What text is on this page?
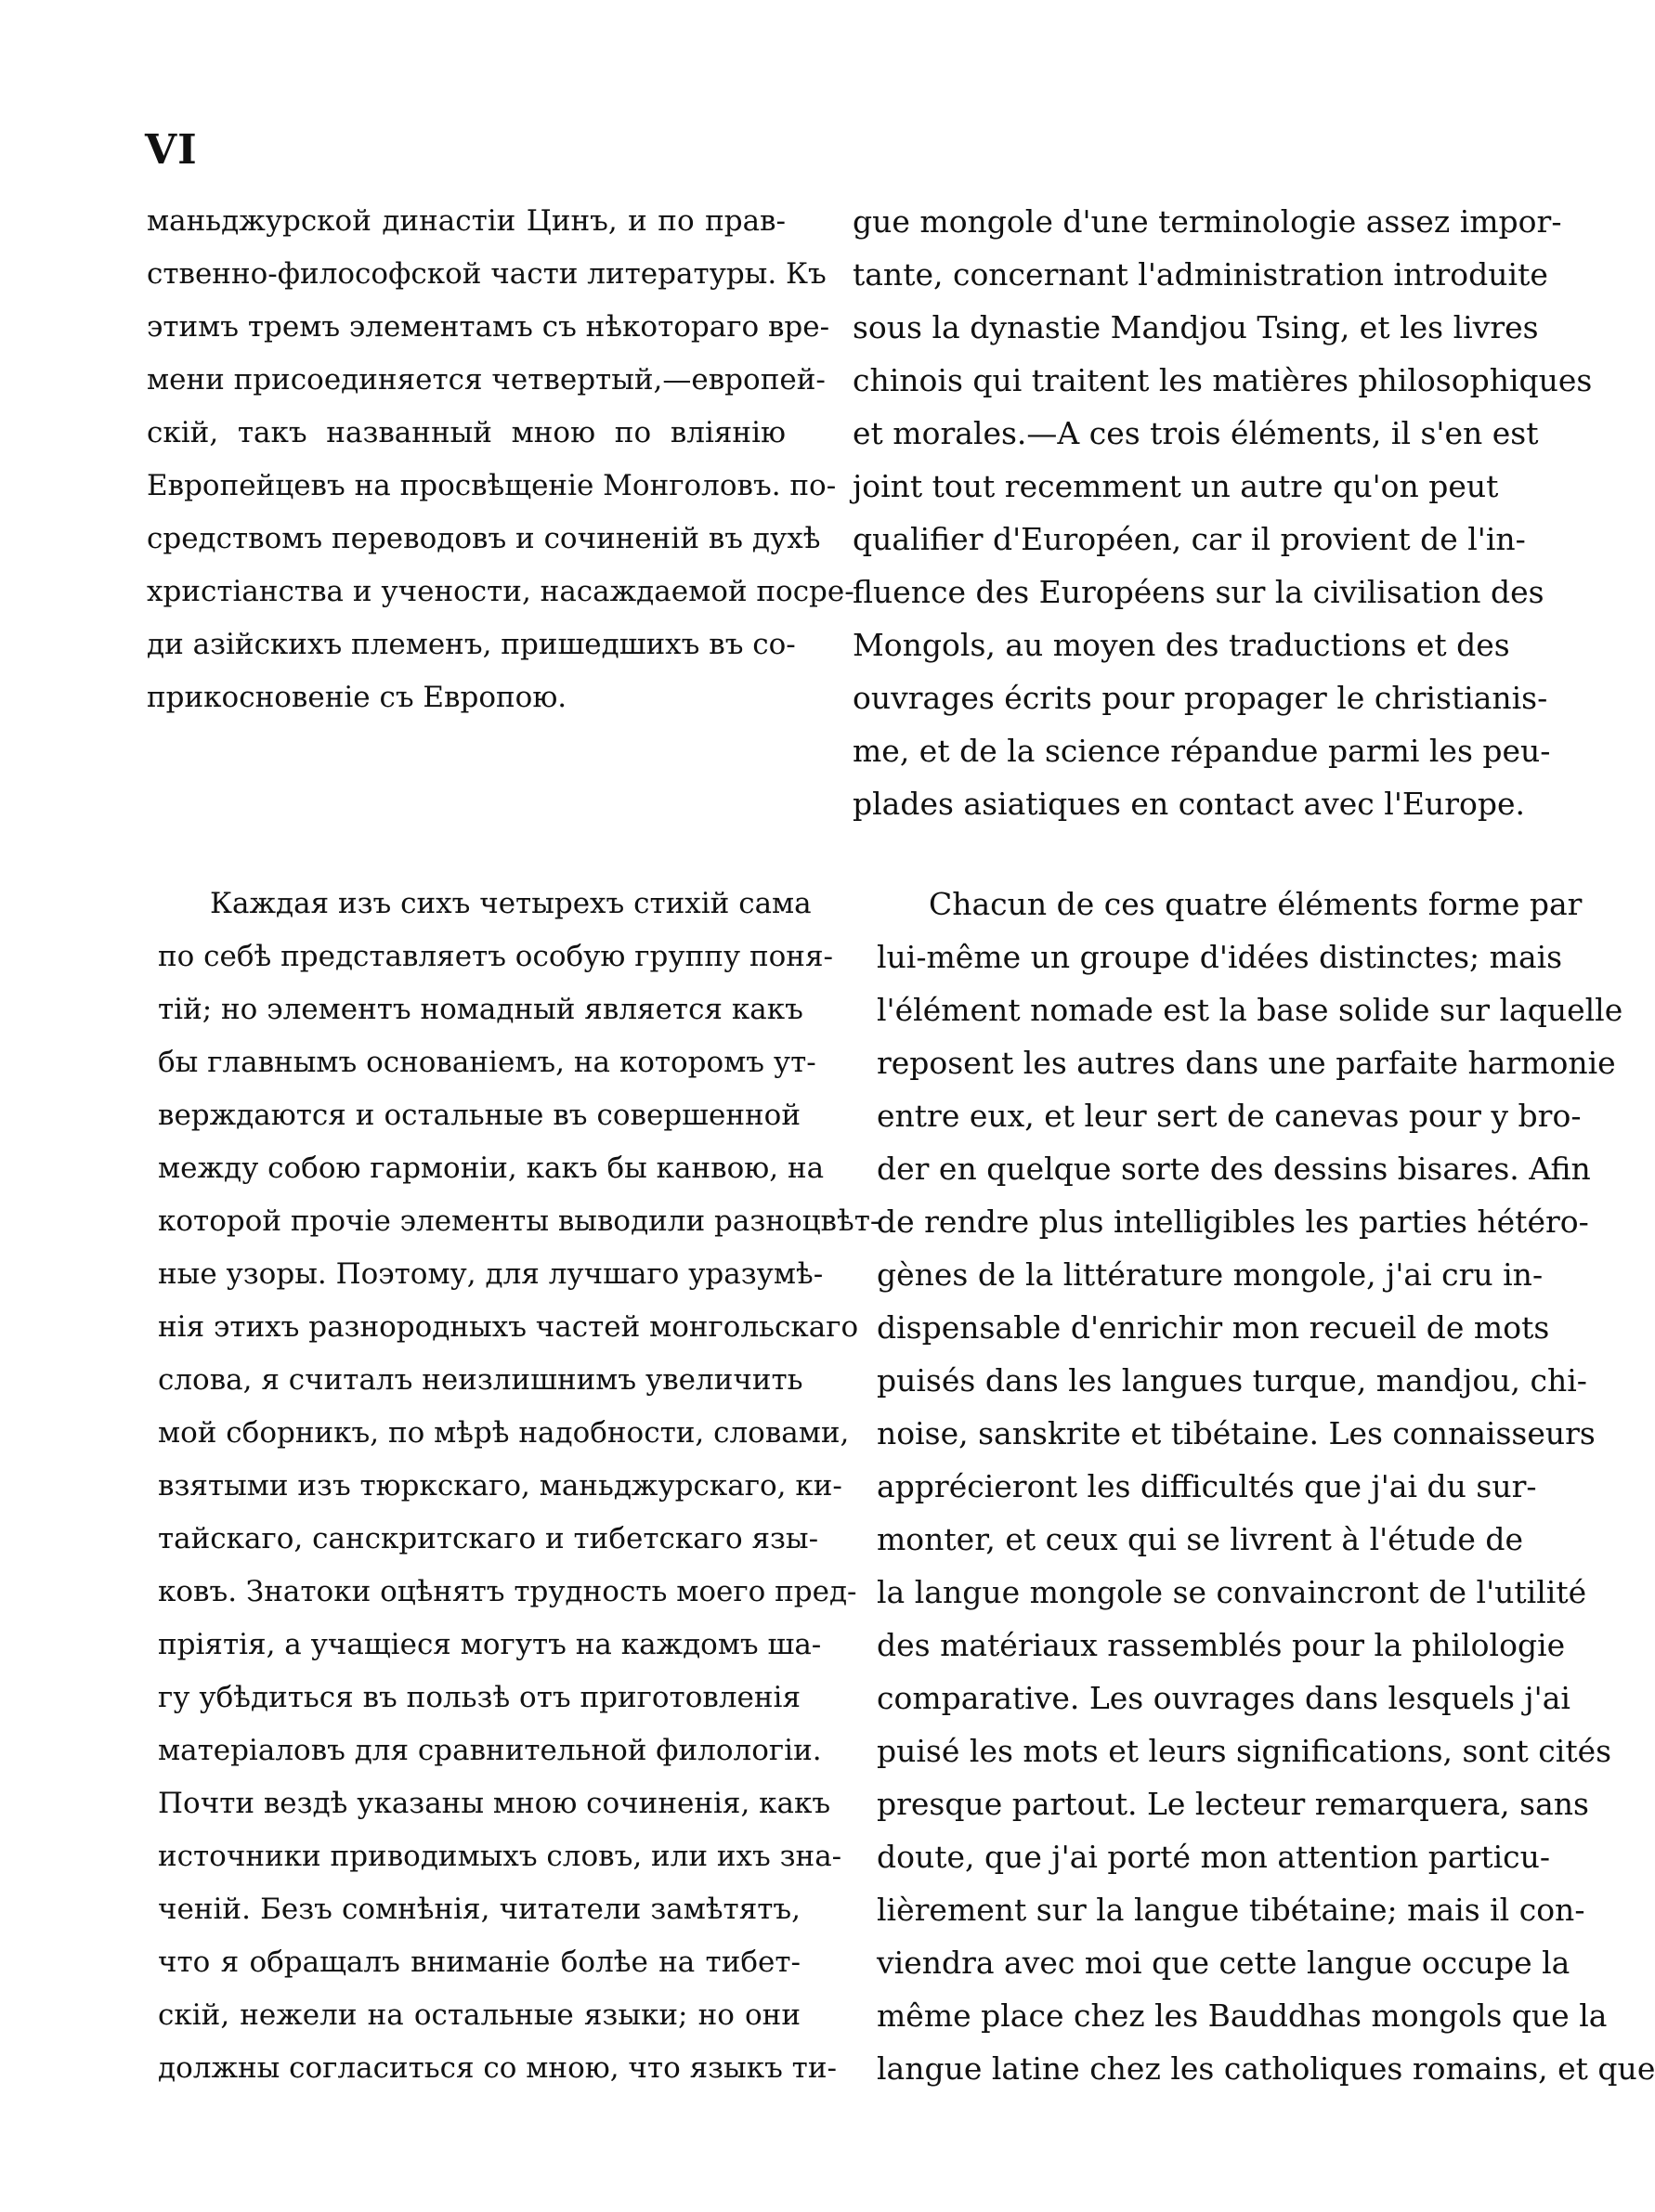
VI
маньджурской династіи Цинъ, и по прав-
ственно-философской части литературы. Къ
этимъ тремъ элементамъ съ нѣкотораго вре-
мени присоединяется четвертый,—европей-
скій, такъ названный мною по вліянію
Европейцевъ на просвѣщеніе Монголовъ. по-
средствомъ переводовъ и сочиненій въ духѣ
христіанства и учености, насаждаемой посре-
ди азійскихъ племенъ, пришедшихъ въ со-
прикосновеніе съ Европою.
gue mongole d'une terminologie assez impor-
tante, concernant l'administration introduite
sous la dynastie Mandjou Tsing, et les livres
chinois qui traitent les matières philosophiques
et morales.—A ces trois éléments, il s'en est
joint tout recemment un autre qu'on peut
qualifier d'Européen, car il provient de l'in-
fluence des Européens sur la civilisation des
Mongols, au moyen des traductions et des
ouvrages écrits pour propager le christianis-
me, et de la science répandue parmi les peu-
plades asiatiques en contact avec l'Europe.
Каждая изъ сихъ четырехъ стихій сама
по себѣ представляетъ особую группу поня-
тій; но элементъ номадный является какъ
бы главнымъ основаніемъ, на которомъ ут-
верждаются и остальные въ совершенной
между собою гармоніи, какъ бы канвою, на
которой прочіе элементы выводили разноцвѣт-
ные узоры. Поэтому, для лучшаго уразумѣ-
нія этихъ разнородныхъ частей монгольскаго
слова, я считалъ неизлишнимъ увеличить
мой сборникъ, по мѣрѣ надобности, словами,
взятыми изъ тюркскаго, маньджурскаго, ки-
тайскаго, санскритскаго и тибетскаго язы-
ковъ. Знатоки оцѣнятъ трудность моего пред-
пріятія, а учащіеся могутъ на каждомъ ша-
гу убѣдиться въ пользѣ отъ приготовленія
матеріаловъ для сравнительной филологіи.
Почти вездѣ указаны мною сочиненія, какъ
источники приводимыхъ словъ, или ихъ зна-
ченій. Безъ сомнѣнія, читатели замѣтятъ,
что я обращалъ вниманіе болѣе на тибет-
скій, нежели на остальные языки; но они
должны согласиться со мною, что языкъ ти-
Chacun de ces quatre éléments forme par
lui-même un groupe d'idées distinctes; mais
l'élément nomade est la base solide sur laquelle
reposent les autres dans une parfaite harmonie
entre eux, et leur sert de canevas pour y bro-
der en quelque sorte des dessins bisares. Afin
de rendre plus intelligibles les parties hétéro-
gènes de la littérature mongole, j'ai cru in-
dispensable d'enrichir mon recueil de mots
puisés dans les langues turque, mandjou, chi-
noise, sanskrite et tibétaine. Les connaisseurs
apprécieront les difficultés que j'ai du sur-
monter, et ceux qui se livrent à l'étude de
la langue mongole se convaincront de l'utilité
des matériaux rassemblés pour la philologie
comparative. Les ouvrages dans lesquels j'ai
puisé les mots et leurs significations, sont cités
presque partout. Le lecteur remarquera, sans
doute, que j'ai porté mon attention particu-
lièrement sur la langue tibétaine; mais il con-
viendra avec moi que cette langue occupe la
même place chez les Bauddhas mongols que la
langue latine chez les catholiques romains, et que
